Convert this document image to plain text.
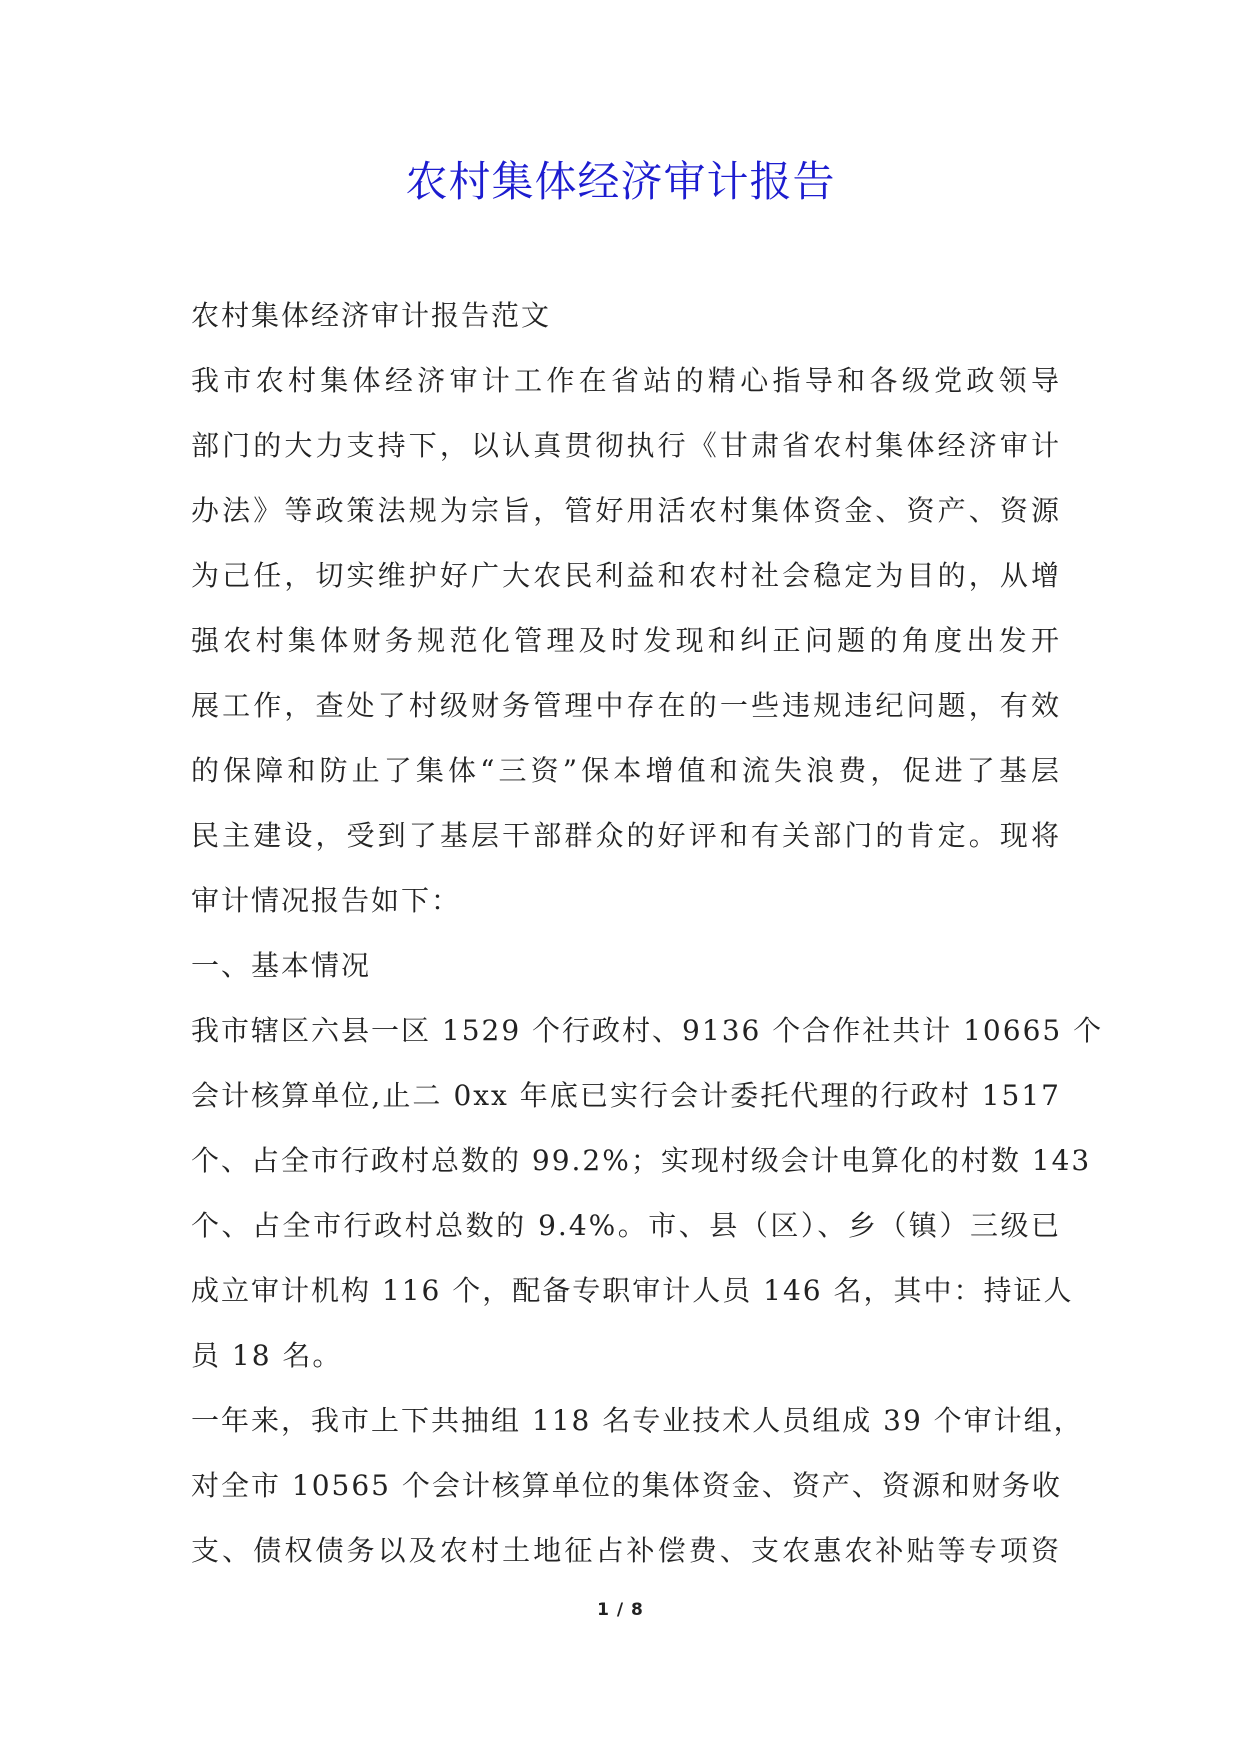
农村集体经济审计报告
农村集体经济审计报告范文
我市农村集体经济审计工作在省站的精心指导和各级党政领导
部门的大力支持下，以认真贯彻执行《甘肃省农村集体经济审计
办法》等政策法规为宗旨，管好用活农村集体资金、资产、资源
为己任，切实维护好广大农民利益和农村社会稳定为目的，从增
强农村集体财务规范化管理及时发现和纠正问题的角度出发开
展工作，查处了村级财务管理中存在的一些违规违纪问题，有效
的保障和防止了集体“三资”保本增值和流失浪费，促进了基层
民主建设，受到了基层干部群众的好评和有关部门的肯定。现将
审计情况报告如下：
一、基本情况
我市辖区六县一区 1529 个行政村、9136 个合作社共计 10665 个
会计核算单位,止二 0xx 年底已实行会计委托代理的行政村 1517
个、占全市行政村总数的 99.2%；实现村级会计电算化的村数 143
个、占全市行政村总数的 9.4%。市、县（区）、乡（镇）三级已
成立审计机构 116 个，配备专职审计人员 146 名，其中：持证人
员 18 名。
一年来，我市上下共抽组 118 名专业技术人员组成 39 个审计组，
对全市 10565 个会计核算单位的集体资金、资产、资源和财务收
支、债权债务以及农村土地征占补偿费、支农惠农补贴等专项资
1 / 8
